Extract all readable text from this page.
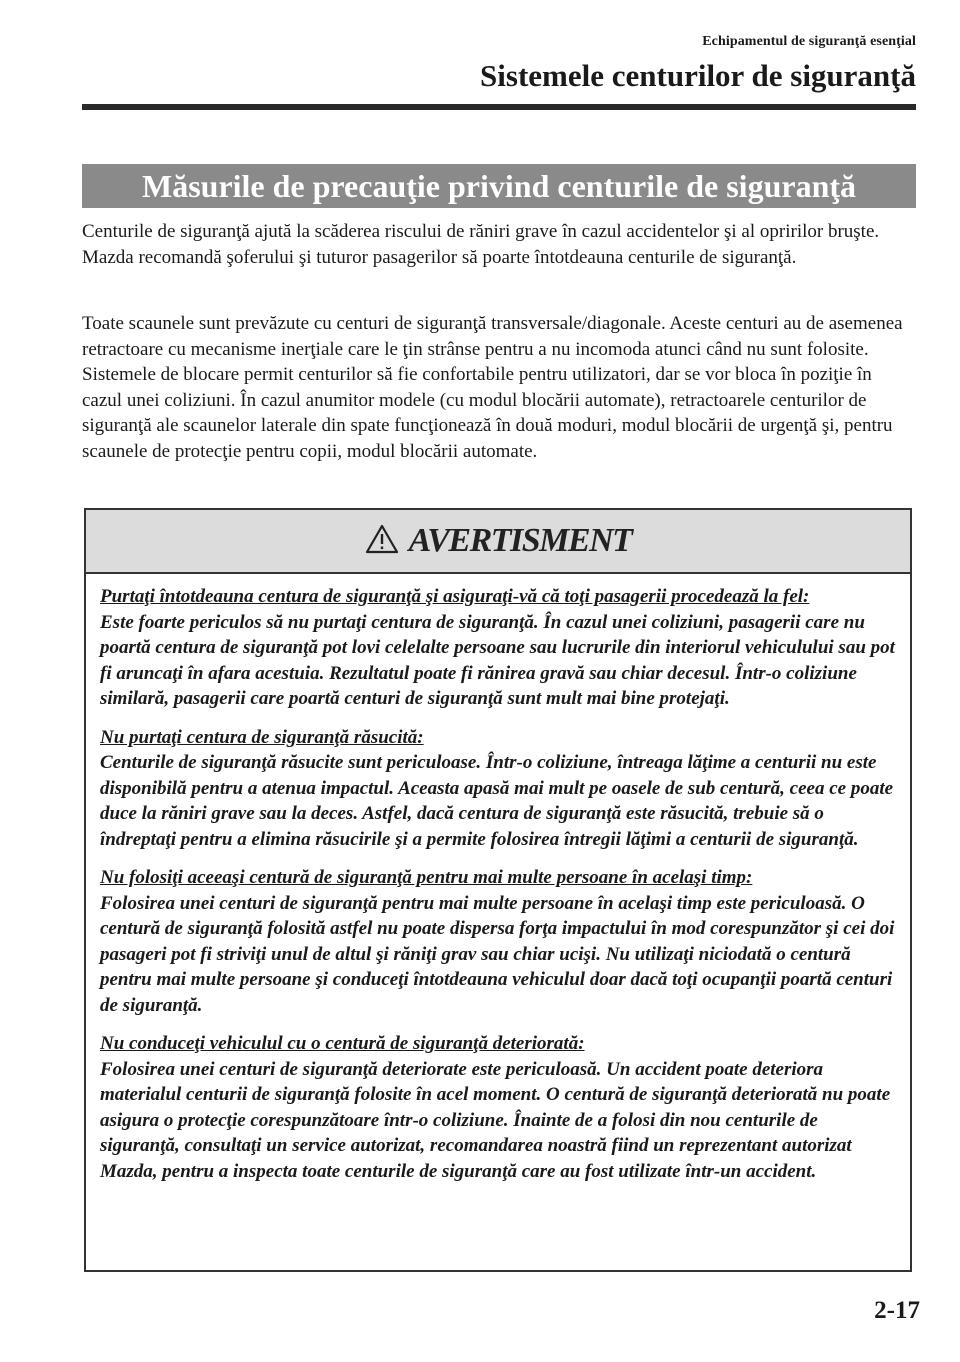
Echipamentul de siguranţă esenţial
Sistemele centurilor de siguranţă
Măsurile de precauţie privind centurile de siguranţă

Centurile de siguranţă ajută la scăderea riscului de răniri grave în cazul accidentelor şi al opririlor bruşte. Mazda recomandă şoferului şi tuturor pasagerilor să poarte întotdeauna centurile de siguranţă.

Toate scaunele sunt prevăzute cu centuri de siguranţă transversale/diagonale. Aceste centuri au de asemenea retractoare cu mecanisme inerţiale care le ţin strânse pentru a nu incomoda atunci când nu sunt folosite. Sistemele de blocare permit centurilor să fie confortabile pentru utilizatori, dar se vor bloca în poziţie în cazul unei coliziuni. În cazul anumitor modele (cu modul blocării automate), retractoarele centurilor de siguranţă ale scaunelor laterale din spate funcţionează în două moduri, modul blocării de urgenţă şi, pentru scaunele de protecţie pentru copii, modul blocării automate.

AVERTISMENT
Purtaţi întotdeauna centura de siguranţă şi asiguraţi-vă că toţi pasagerii procedează la fel:

Este foarte periculos să nu purtaţi centura de siguranţă. În cazul unei coliziuni, pasagerii care nu poartă centura de siguranţă pot lovi celelalte persoane sau lucrurile din interiorul vehiculului sau pot fi aruncaţi în afara acestuia. Rezultatul poate fi rănirea gravă sau chiar decesul. Într-o coliziune similară, pasagerii care poartă centuri de siguranţă sunt mult mai bine protejaţi.

Nu purtaţi centura de siguranţă răsucită:

Centurile de siguranţă răsucite sunt periculoase. Într-o coliziune, întreaga lăţime a centurii nu este disponibilă pentru a atenua impactul. Aceasta apasă mai mult pe oasele de sub centură, ceea ce poate duce la răniri grave sau la deces. Astfel, dacă centura de siguranţă este răsucită, trebuie să o îndreptaţi pentru a elimina răsucirile şi a permite folosirea întregii lăţimi a centurii de siguranţă.

Nu folosiţi aceeaşi centură de siguranţă pentru mai multe persoane în acelaşi timp:

Folosirea unei centuri de siguranţă pentru mai multe persoane în acelaşi timp este periculoasă. O centură de siguranţă folosită astfel nu poate dispersa forţa impactului în mod corespunzător şi cei doi pasageri pot fi striviţi unul de altul şi răniţi grav sau chiar ucişi. Nu utilizaţi niciodată o centură pentru mai multe persoane şi conduceţi întotdeauna vehiculul doar dacă toţi ocupanţii poartă centuri de siguranţă.

Nu conduceţi vehiculul cu o centură de siguranţă deteriorată:

Folosirea unei centuri de siguranţă deteriorate este periculoasă. Un accident poate deteriora materialul centurii de siguranţă folosite în acel moment. O centură de siguranţă deteriorată nu poate asigura o protecţie corespunzătoare într-o coliziune. Înainte de a folosi din nou centurile de siguranţă, consultaţi un service autorizat, recomandarea noastră fiind un reprezentant autorizat Mazda, pentru a inspecta toate centurile de siguranţă care au fost utilizate într-un accident.

2-17
